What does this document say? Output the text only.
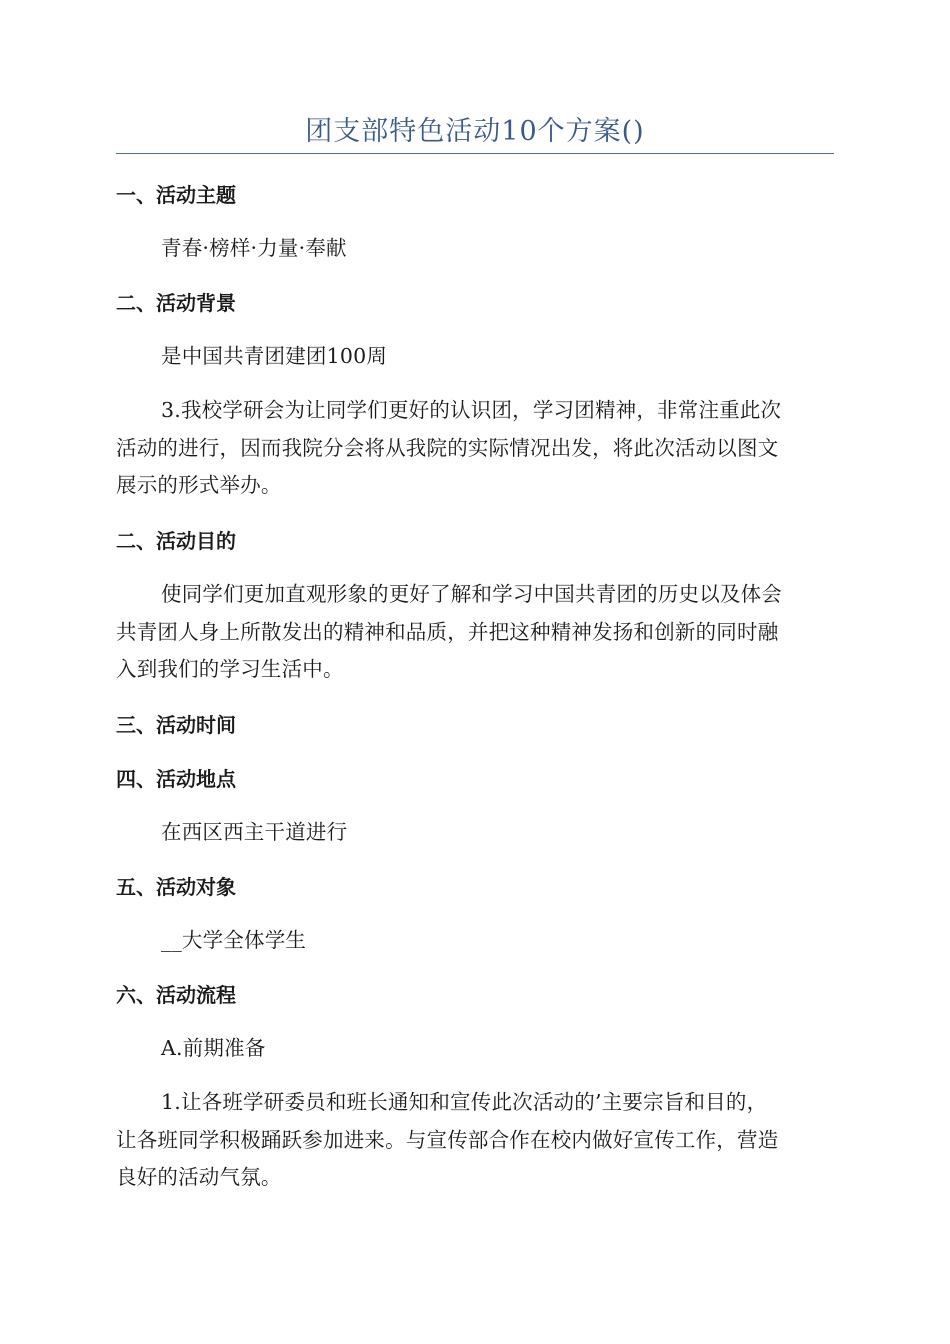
团支部特色活动10个方案()
一、活动主题
青春·榜样·力量·奉献
二、活动背景
是中国共青团建团100周
3.我校学研会为让同学们更好的认识团，学习团精神，非常注重此次
活动的进行，因而我院分会将从我院的实际情况出发，将此次活动以图文
展示的形式举办。
二、活动目的
使同学们更加直观形象的更好了解和学习中国共青团的历史以及体会
共青团人身上所散发出的精神和品质，并把这种精神发扬和创新的同时融
入到我们的学习生活中。
三、活动时间
四、活动地点
在西区西主干道进行
五、活动对象
__大学全体学生
六、活动流程
A.前期准备
1.让各班学研委员和班长通知和宣传此次活动的’主要宗旨和目的，
让各班同学积极踊跃参加进来。与宣传部合作在校内做好宣传工作，营造
良好的活动气氛。
